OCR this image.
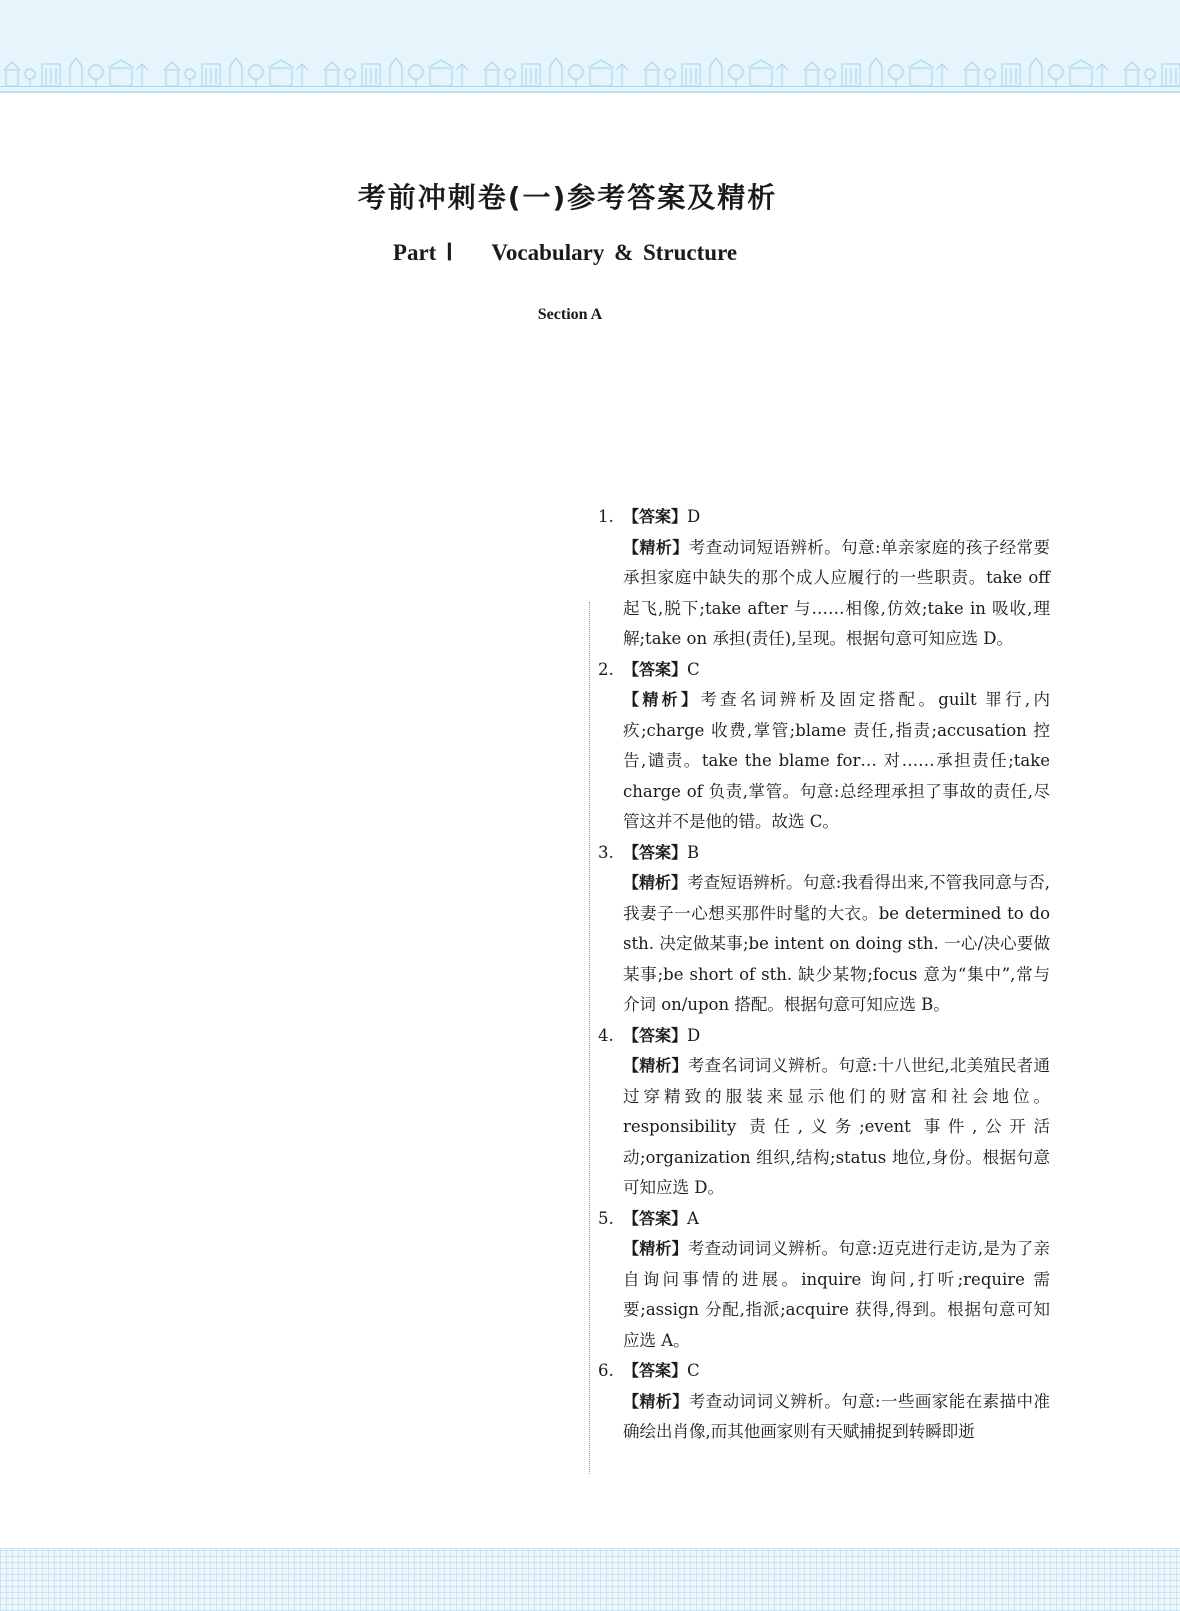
考前冲刺卷(一)参考答案及精析
Part Ⅰ    Vocabulary & Structure
Section A
1. 【答案】D
【精析】考查动词短语辨析。句意:单亲家庭的孩子经常要承担家庭中缺失的那个成人应履行的一些职责。take off 起飞,脱下;take after 与……相像,仿效;take in 吸收,理解;take on 承担(责任),呈现。根据句意可知应选 D。
2. 【答案】C
【精析】考查名词辨析及固定搭配。guilt 罪行,内疚;charge 收费,掌管;blame 责任,指责;accusation 控告,谴责。take the blame for… 对……承担责任;take charge of 负责,掌管。句意:总经理承担了事故的责任,尽管这并不是他的错。故选 C。
3. 【答案】B
【精析】考查短语辨析。句意:我看得出来,不管我同意与否,我妻子一心想买那件时髦的大衣。be determined to do sth. 决定做某事;be intent on doing sth. 一心/决心要做某事;be short of sth. 缺少某物;focus 意为“集中”,常与介词 on/upon 搭配。根据句意可知应选 B。
4. 【答案】D
【精析】考查名词词义辨析。句意:十八世纪,北美殖民者通过穿精致的服装来显示他们的财富和社会地位。responsibility 责任,义务;event 事件,公开活动;organization 组织,结构;status 地位,身份。根据句意可知应选 D。
5. 【答案】A
【精析】考查动词词义辨析。句意:迈克进行走访,是为了亲自询问事情的进展。inquire 询问,打听;require 需要;assign 分配,指派;acquire 获得,得到。根据句意可知应选 A。
6. 【答案】C
【精析】考查动词词义辨析。句意:一些画家能在素描中准确绘出肖像,而其他画家则有天赋捕捉到转瞬即逝
